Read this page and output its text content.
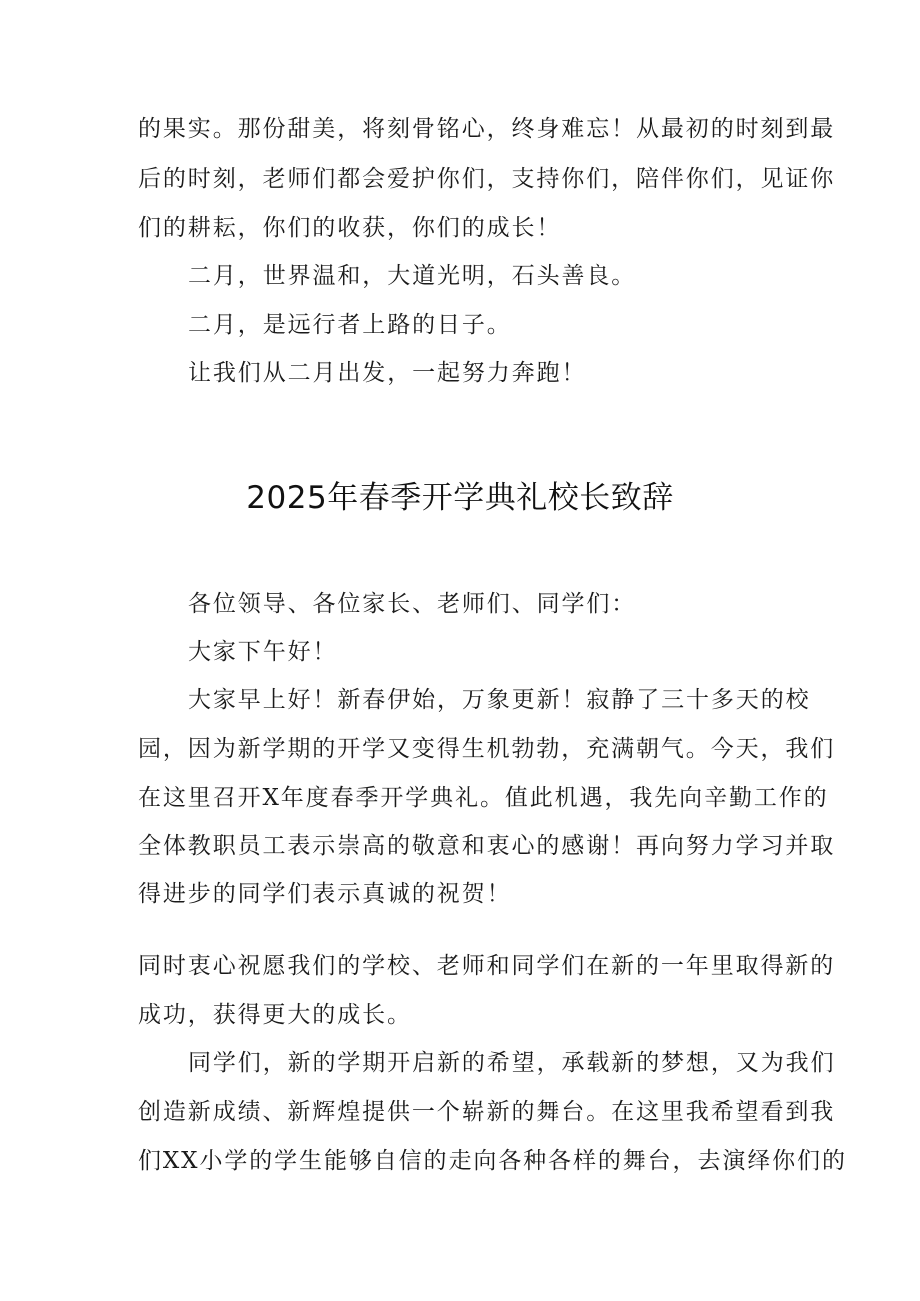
的果实。那份甜美，将刻骨铭心，终身难忘！从最初的时刻到最
后的时刻，老师们都会爱护你们，支持你们，陪伴你们，见证你
们的耕耘，你们的收获，你们的成长！
二月，世界温和，大道光明，石头善良。
二月，是远行者上路的日子。
让我们从二月出发，一起努力奔跑！
2025年春季开学典礼校长致辞
各位领导、各位家长、老师们、同学们：
大家下午好！
大家早上好！新春伊始，万象更新！寂静了三十多天的校
园，因为新学期的开学又变得生机勃勃，充满朝气。今天，我们
在这里召开X年度春季开学典礼。值此机遇，我先向辛勤工作的
全体教职员工表示崇高的敬意和衷心的感谢！再向努力学习并取
得进步的同学们表示真诚的祝贺！
同时衷心祝愿我们的学校、老师和同学们在新的一年里取得新的
成功，获得更大的成长。
同学们，新的学期开启新的希望，承载新的梦想，又为我们
创造新成绩、新辉煌提供一个崭新的舞台。在这里我希望看到我
们XX小学的学生能够自信的走向各种各样的舞台，去演绎你们的
